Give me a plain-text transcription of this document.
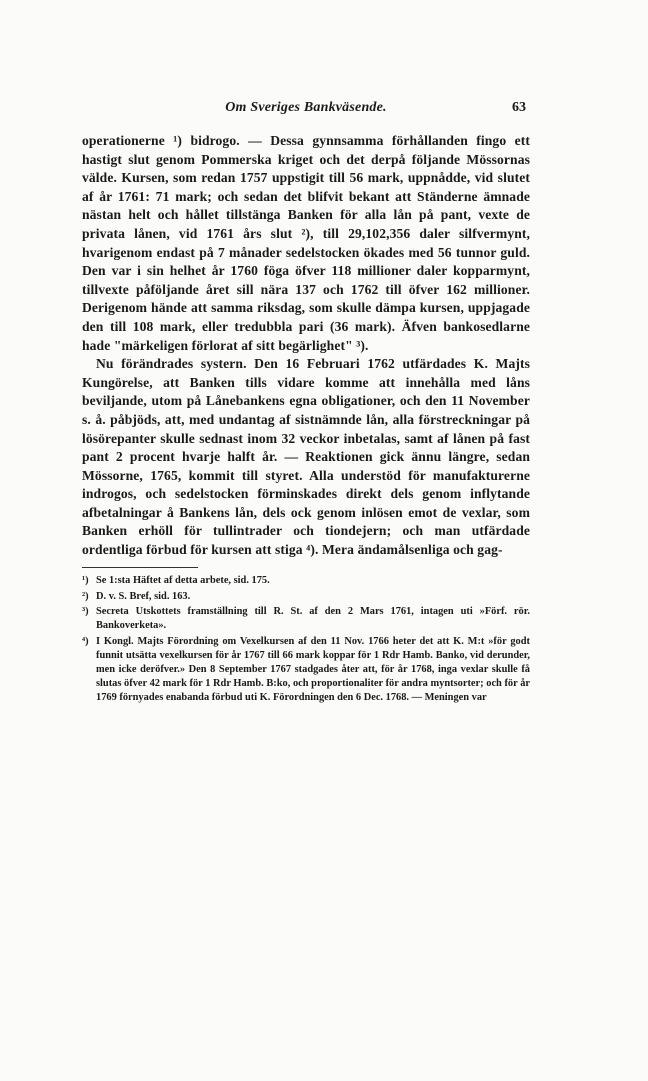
Om Sveriges Bankväsende.	63

operationerne ¹) bidrogo. — Dessa gynnsamma förhållanden fingo ett hastigt slut genom Pommerska kriget och det derpå följande Mössornas välde. Kursen, som redan 1757 uppstigit till 56 mark, uppnådde, vid slutet af år 1761: 71 mark; och sedan det blifvit bekant att Ständerne ämnade nästan helt och hållet tillstänga Banken för alla lån på pant, vexte de privata lånen, vid 1761 års slut ²), till 29,102,356 daler silfvermynt, hvarigenom endast på 7 månader sedelstocken ökades med 56 tunnor guld. Den var i sin helhet år 1760 föga öfver 118 millioner daler kopparmynt, tillvexte påföljande året sill nära 137 och 1762 till öfver 162 millioner. Derigenom hände att samma riksdag, som skulle dämpa kursen, uppjagade den till 108 mark, eller tredubbla pari (36 mark). Äfven bankosedlarne hade "märkeligen förlorat af sitt begärlighet" ³).

Nu förändrades systern. Den 16 Februari 1762 utfärdades K. Majts Kungörelse, att Banken tills vidare komme att innehålla med låns beviljande, utom på Lånebankens egna obligationer, och den 11 November s. å. påbjöds, att, med undantag af sistnämnde lån, alla förstreckningar på lösörepanter skulle sednast inom 32 veckor inbetalas, samt af lånen på fast pant 2 procent hvarje halft år. — Reaktionen gick ännu längre, sedan Mössorne, 1765, kommit till styret. Alla understöd för manufakturerne indrogos, och sedelstocken förminskades direkt dels genom inflytande afbetalningar å Bankens lån, dels ock genom inlösen emot de vexlar, som Banken erhöll för tullintrader och tiondejern; och man utfärdade ordentliga förbud för kursen att stiga ⁴). Mera ändamålsenliga och gag-

¹) Se 1:sta Häftet af detta arbete, sid. 175.
²) D. v. S. Bref, sid. 163.
³) Secreta Utskottets framställning till R. St. af den 2 Mars 1761, intagen uti »Förf. rör. Bankoverketa».
⁴) I Kongl. Majts Förordning om Vexelkursen af den 11 Nov. 1766 heter det att K. M:t »för godt funnit utsätta vexelkursen för år 1767 till 66 mark koppar för 1 Rdr Hamb. Banko, vid derunder, men icke deröfver.» Den 8 September 1767 stadgades åter att, för år 1768, inga vexlar skulle få slutas öfver 42 mark för 1 Rdr Hamb. B:ko, och proportionaliter för andra myntsorter; och för år 1769 förnyades enabanda förbud uti K. Förordningen den 6 Dec. 1768. — Meningen var
